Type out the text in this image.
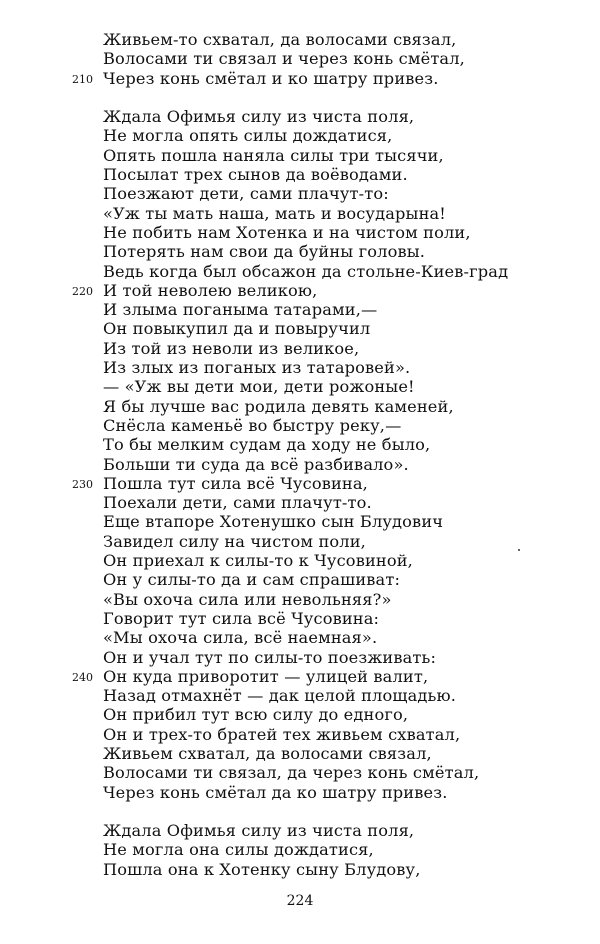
Живьем-то схватал, да волосами связал,
Волосами ти связал и через конь смётал,
210 Через конь смётал и ко шатру привез.
Ждала Офимья силу из чиста поля,
Не могла опять силы дождатися,
Опять пошла наняла силы три тысячи,
Посылат трех сынов да воёводами.
Поезжают дети, сами плачут-то:
«Уж ты мать наша, мать и восударына!
Не побить нам Хотенка и на чистом поли,
Потерять нам свои да буйны головы.
Ведь когда был обсажон да стольне-Киев-град
220 И той неволею великою,
И злыма поганыма татарами,—
Он повыкупил да и повыручил
Из той из неволи из великое,
Из злых из поганых из татаровей».
— «Уж вы дети мои, дети рожоные!
Я бы лучше вас родила девять каменей,
Снёсла каменьё во быстру реку,—
То бы мелким судам да ходу не было,
Больши ти суда да всё разбивало».
230 Пошла тут сила всё Чусовина,
Поехали дети, сами плачут-то.
Еще втапоре Хотенушко сын Блудович
Завидел силу на чистом поли,
Он приехал к силы-то к Чусовиной,
Он у силы-то да и сам спрашиват:
«Вы охоча сила или невольняя?»
Говорит тут сила всё Чусовина:
«Мы охоча сила, всё наемная».
Он и учал тут по силы-то поезживать:
240 Он куда приворотит — улицей валит,
Назад отмахнёт — дак целой площадью.
Он прибил тут всю силу до едного,
Он и трех-то братей тех живьем схватал,
Живьем схватал, да волосами связал,
Волосами ти связал, да через конь смётал,
Через конь смётал да ко шатру привез.
Ждала Офимья силу из чиста поля,
Не могла она силы дождатися,
Пошла она к Хотенку сыну Блудову,
224
